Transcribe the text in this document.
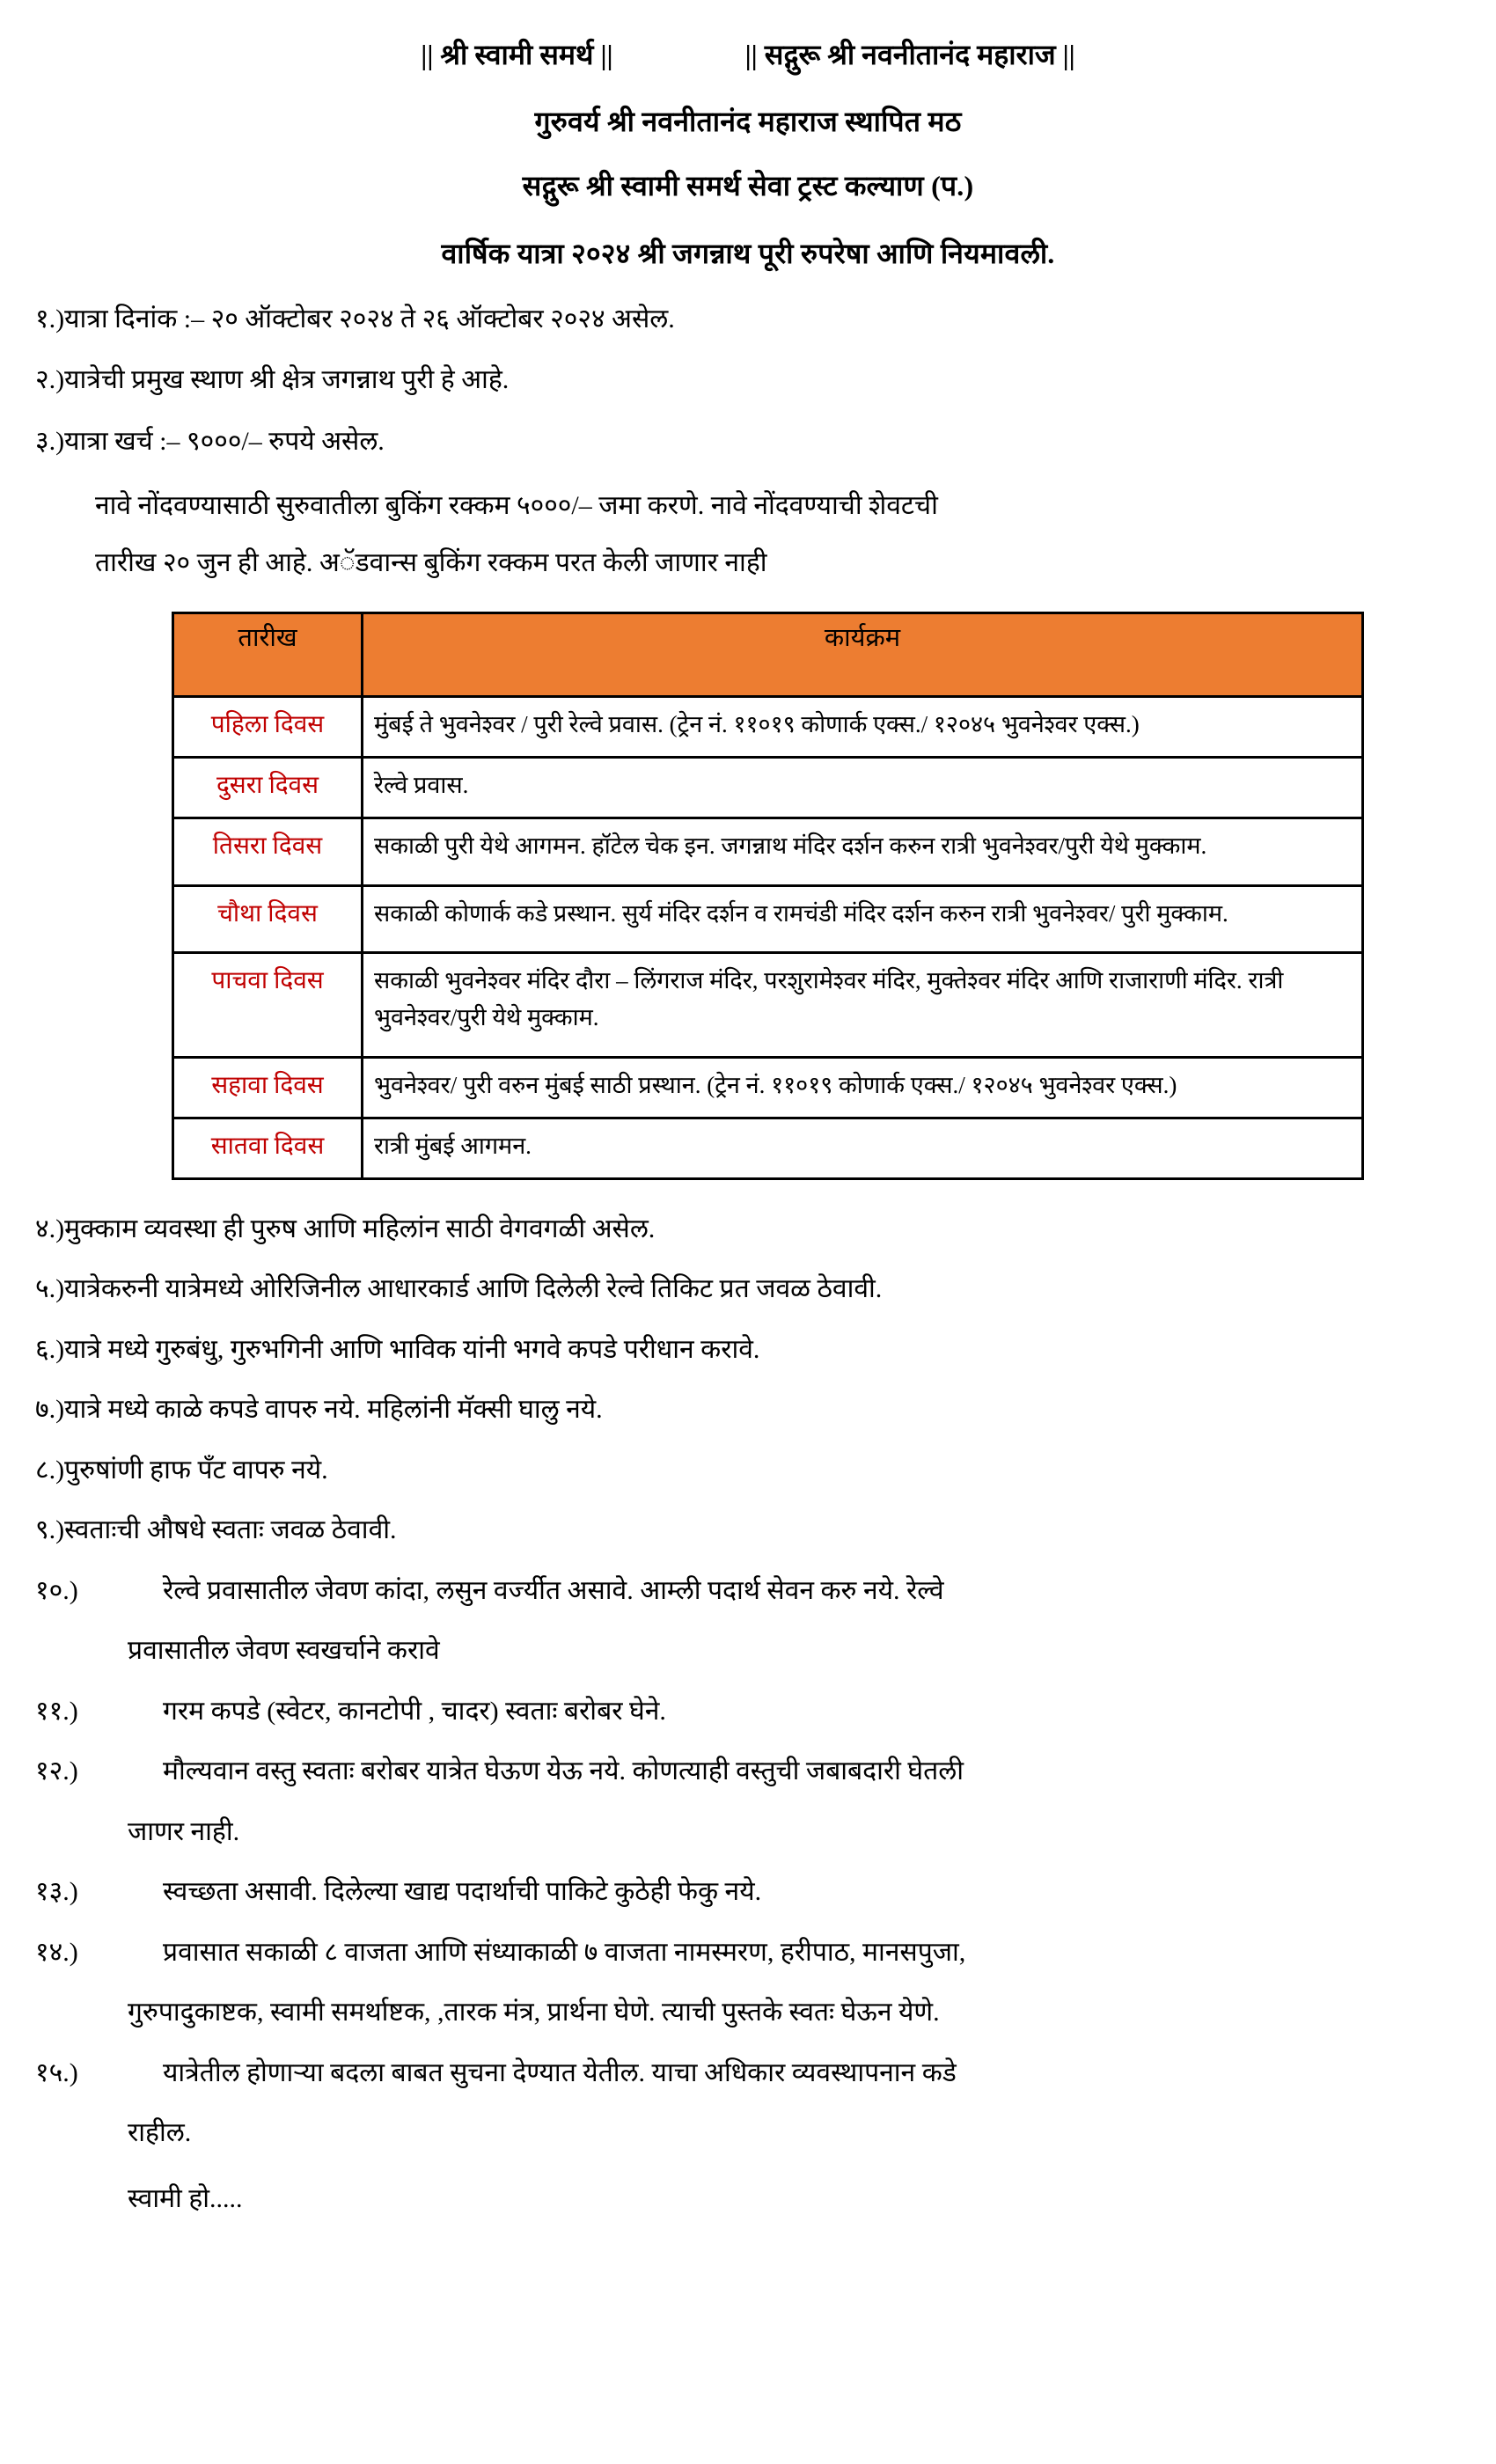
|| श्री स्वामी समर्थ ||	|| सद्गुरू श्री नवनीतानंद महाराज ||
गुरुवर्य श्री नवनीतानंद महाराज स्थापित मठ
सद्गुरू श्री स्वामी समर्थ सेवा ट्रस्ट कल्याण (प.)
वार्षिक यात्रा २०२४ श्री जगन्नाथ पूरी रुपरेषा आणि नियमावली.
१.) यात्रा दिनांक :– २० ऑक्टोबर २०२४ ते २६ ऑक्टोबर २०२४ असेल.
२.) यात्रेची प्रमुख स्थाण श्री क्षेत्र जगन्नाथ पुरी हे आहे.
३.) यात्रा खर्च :– ९०००/– रुपये असेल.
नावे नोंदवण्यासाठी सुरुवातीला बुकिंग रक्कम ५०००/– जमा करणे. नावे नोंदवण्याची शेवटची
तारीख २० जुन ही आहे. अॅडवान्स बुकिंग रक्कम परत केली जाणार नाही
तारीख	कार्यक्रम
पहिला दिवस	मुंबई ते भुवनेश्वर / पुरी रेल्वे प्रवास. (ट्रेन नं. ११०१९ कोणार्क एक्स./ १२०४५ भुवनेश्वर एक्स.)
दुसरा दिवस	रेल्वे प्रवास.
तिसरा दिवस	सकाळी पुरी येथे आगमन. हॉटेल चेक इन. जगन्नाथ मंदिर दर्शन करुन रात्री भुवनेश्वर/पुरी येथे मुक्काम.
चौथा दिवस	सकाळी कोणार्क कडे प्रस्थान. सुर्य मंदिर दर्शन व रामचंडी मंदिर दर्शन करुन रात्री भुवनेश्वर/ पुरी मुक्काम.
पाचवा दिवस	सकाळी भुवनेश्वर मंदिर दौरा – लिंगराज मंदिर, परशुरामेश्वर मंदिर, मुक्तेश्वर मंदिर आणि राजाराणी मंदिर. रात्री भुवनेश्वर/पुरी येथे मुक्काम.
सहावा दिवस	भुवनेश्वर/ पुरी वरुन मुंबई साठी प्रस्थान. (ट्रेन नं. ११०१९ कोणार्क एक्स./ १२०४५ भुवनेश्वर एक्स.)
सातवा दिवस	रात्री मुंबई आगमन.
४.) मुक्काम व्यवस्था ही पुरुष आणि महिलांन साठी वेगवगळी असेल.
५.) यात्रेकरुनी यात्रेमध्ये ओरिजिनील आधारकार्ड आणि दिलेली रेल्वे तिकिट प्रत जवळ ठेवावी.
६.) यात्रे मध्ये गुरुबंधु, गुरुभगिनी आणि भाविक यांनी भगवे कपडे परीधान करावे.
७.) यात्रे मध्ये काळे कपडे वापरु नये. महिलांनी मॅक्सी घालु नये.
८.) पुरुषांणी हाफ पँट वापरु नये.
९.) स्वताःची औषधे स्वताः जवळ ठेवावी.
१०.)	रेल्वे प्रवासातील जेवण कांदा, लसुन वर्ज्यीत असावे. आम्ली पदार्थ सेवन करु नये. रेल्वे
प्रवासातील जेवण स्वखर्चाने करावे
११.)	गरम कपडे (स्वेटर, कानटोपी , चादर) स्वताः बरोबर घेने.
१२.)	मौल्यवान वस्तु स्वताः बरोबर यात्रेत घेऊण येऊ नये. कोणत्याही वस्तुची जबाबदारी घेतली
जाणर नाही.
१३.)	स्वच्छता असावी. दिलेल्या खाद्य पदार्थाची पाकिटे कुठेही फेकु नये.
१४.)	प्रवासात सकाळी ८ वाजता आणि संध्याकाळी ७ वाजता नामस्मरण, हरीपाठ, मानसपुजा,
गुरुपादुकाष्टक, स्वामी समर्थाष्टक, ,तारक मंत्र, प्रार्थना घेणे. त्याची पुस्तके स्वतः घेऊन येणे.
१५.)	यात्रेतील होणाऱ्या बदला बाबत सुचना देण्यात येतील. याचा अधिकार व्यवस्थापनान कडे
राहील.
स्वामी हो.....
